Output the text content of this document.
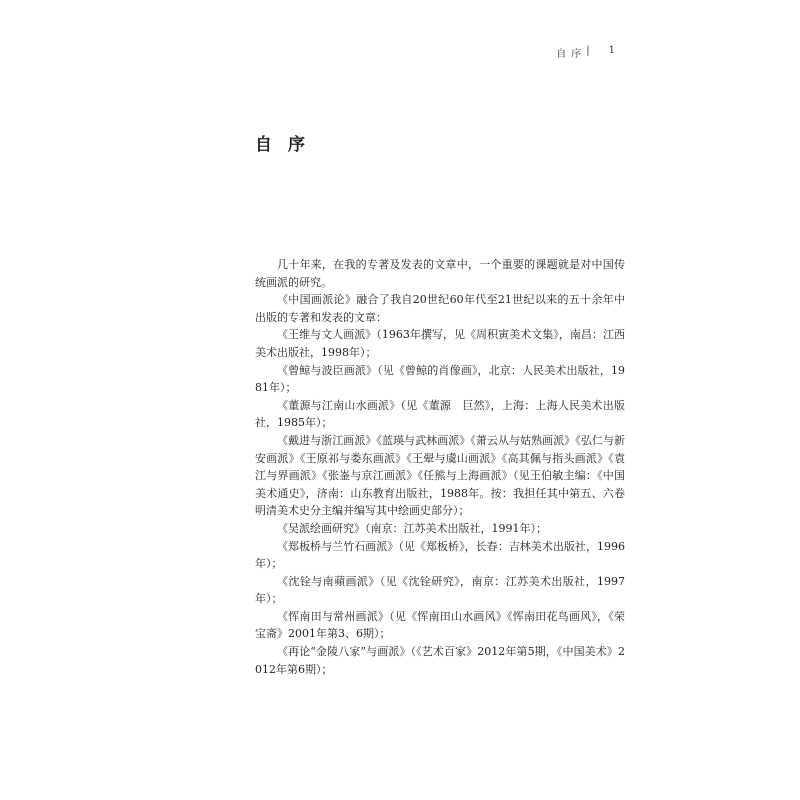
自 序 | 1
自 序

几十年来，在我的专著及发表的文章中，一个重要的课题就是对中国传统画派的研究。

《中国画派论》融合了我自20世纪60年代至21世纪以来的五十余年中出版的专著和发表的文章：

《王维与文人画派》（1963年撰写，见《周积寅美术文集》，南昌：江西美术出版社，1998年）；

《曾鲸与波臣画派》（见《曾鲸的肖像画》，北京：人民美术出版社，1981年）；

《董源与江南山水画派》（见《董源　巨然》，上海：上海人民美术出版社，1985年）；

《戴进与浙江画派》《蓝瑛与武林画派》《萧云从与姑熟画派》《弘仁与新安画派》《王原祁与娄东画派》《王翚与虞山画派》《高其佩与指头画派》《袁江与界画派》《张崟与京江画派》《任熊与上海画派》（见王伯敏主编：《中国美术通史》，济南：山东教育出版社，1988年。按：我担任其中第五、六卷明清美术史分主编并编写其中绘画史部分）；

《吴派绘画研究》（南京：江苏美术出版社，1991年）；

《郑板桥与兰竹石画派》（见《郑板桥》，长春：吉林美术出版社，1996年）；

《沈铨与南蘋画派》（见《沈铨研究》，南京：江苏美术出版社，1997年）；

《恽南田与常州画派》（见《恽南田山水画风》《恽南田花鸟画风》，《荣宝斋》2001年第3、6期）；

《再论“金陵八家”与画派》（《艺术百家》2012年第5期，《中国美术》2012年第6期）；
